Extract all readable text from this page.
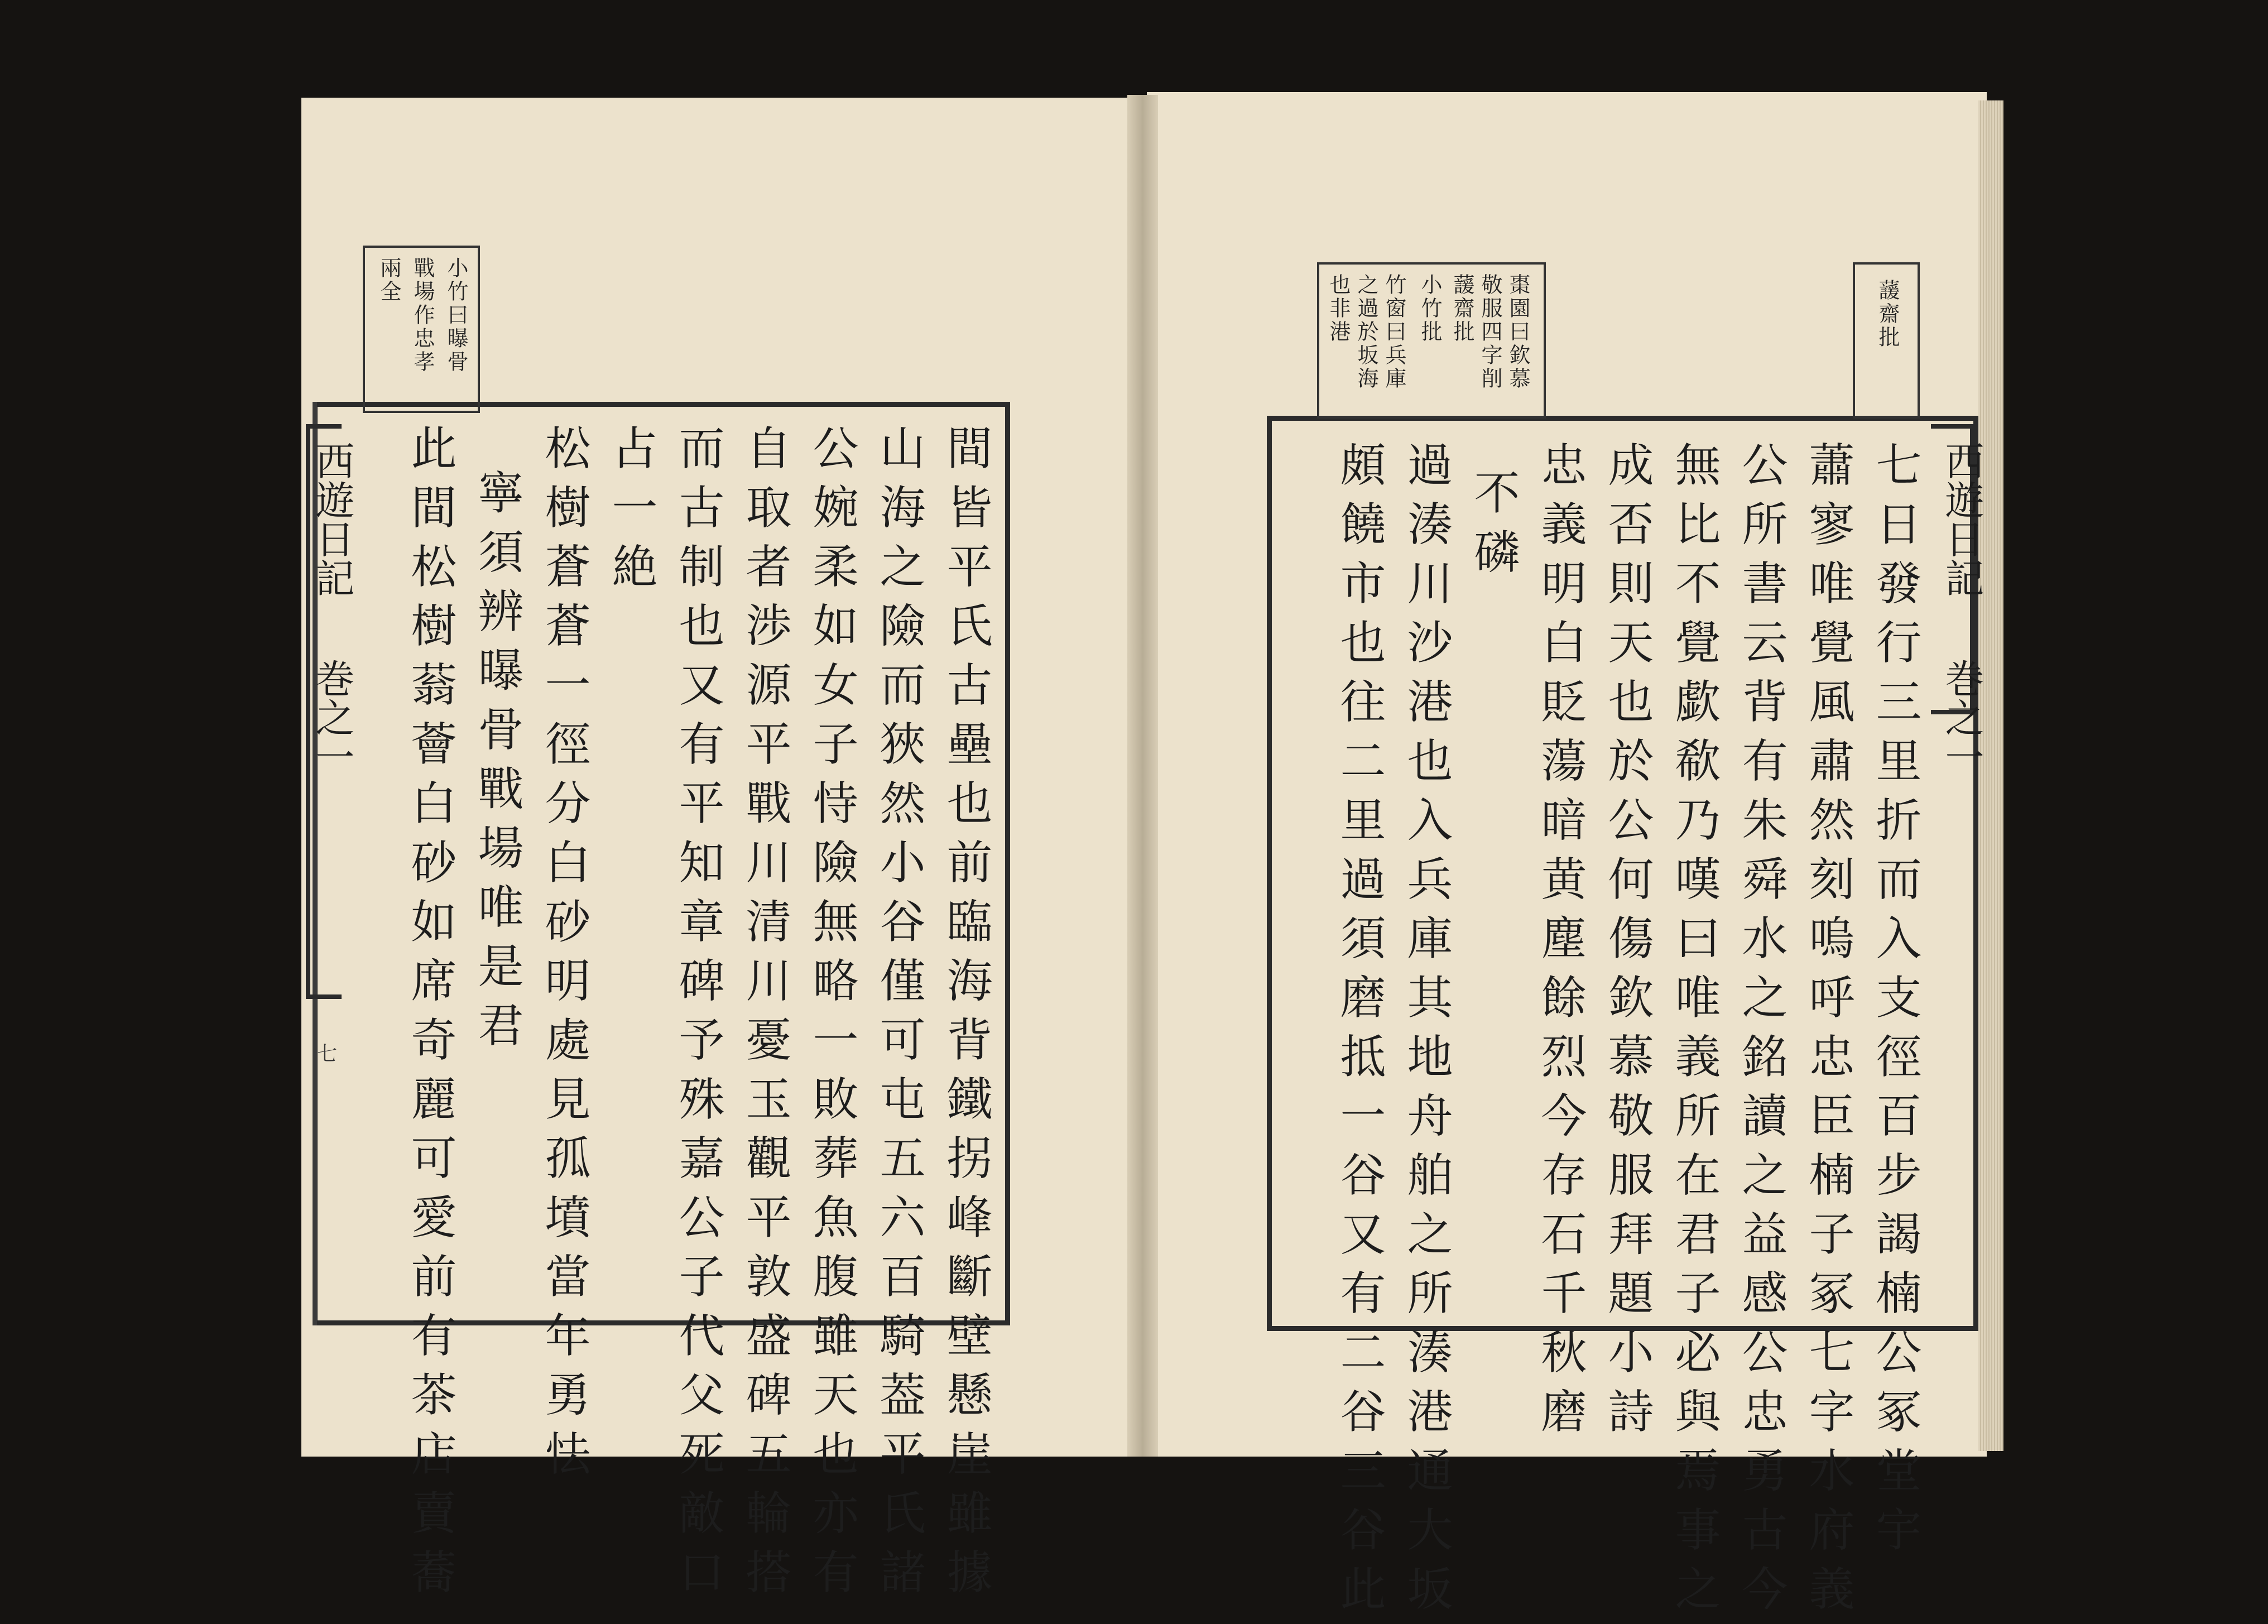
蘐齋批
棗園曰欽慕
敬服四字削
蘐齋批
小竹批
竹窗曰兵庫
之過於坂海
也非港
西遊日記
巻之一
七日發行三里折而入支徑百步謁楠公冢堂宇
蕭寥唯覺風肅然刻嗚呼忠臣楠子冢七字水府義
公所書云背有朱舜水之銘讀之益感公忠勇古今
無比不覺歔欷乃嘆曰唯義所在君子必與焉事之
成否則天也於公何傷欽慕敬服拜題小詩
忠義明白貶蕩暗黄塵餘烈今存石千秋磨
不磷
過湊川沙港也入兵庫其地舟舶之所湊港通大坂
頗饒市也往二里過須磨抵一谷又有二谷三谷此
小竹曰曝骨
戰場作忠孝
兩全
西遊日記
巻之一
七	間皆平氏古壘也前臨海背鐵拐峰斷壁懸崖雖據
山海之險而狹然小谷僅可屯五六百騎葢平氏諸
公婉柔如女子恃險無略一敗葬魚腹雖天也亦有
自取者渉源平戰川清川憂玉觀平敦盛碑五輪搭
而古制也又有平知章碑予殊嘉公子代父死敵口
占一絶
松樹蒼蒼一徑分白砂明處見孤墳當年勇怯
寧須辨曝骨戰場唯是君
此間松樹蓊薈白砂如席奇麗可愛前有茶店賣蕎
